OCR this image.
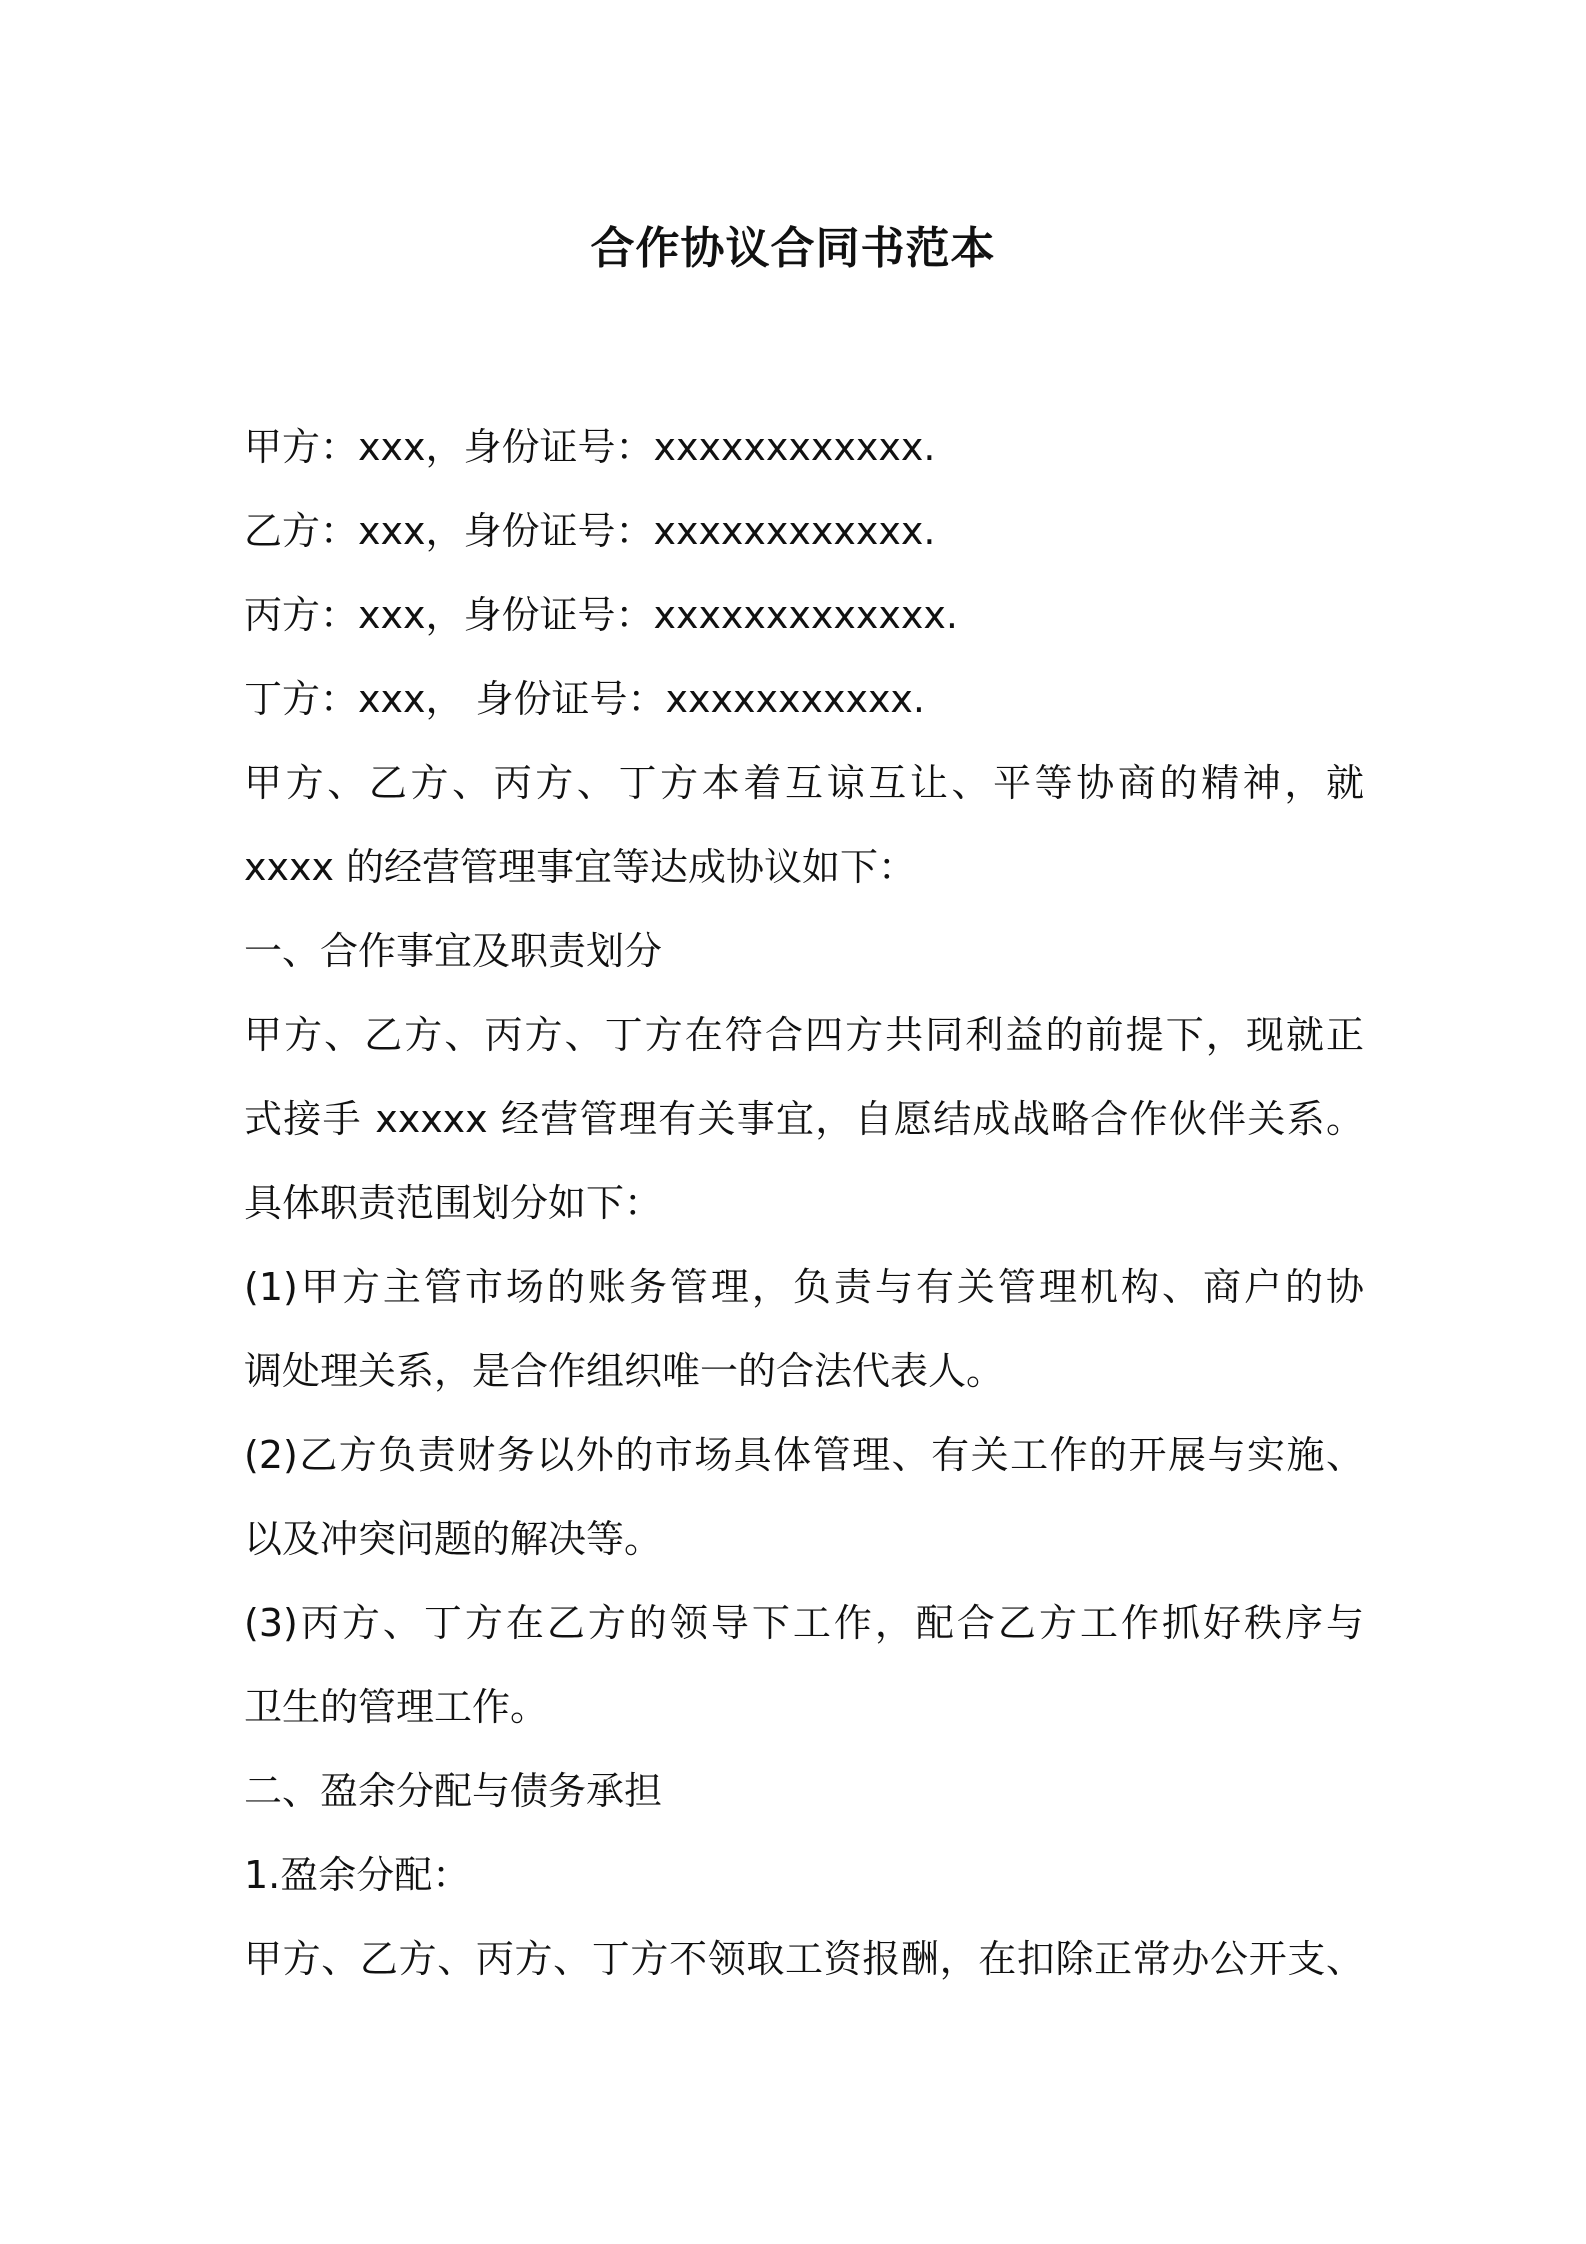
合作协议合同书范本

甲方：xxx，身份证号：xxxxxxxxxxxx.

乙方：xxx，身份证号：xxxxxxxxxxxx.

丙方：xxx，身份证号：xxxxxxxxxxxxx.

丁方：xxx， 身份证号：xxxxxxxxxxx.

甲方、乙方、丙方、丁方本着互谅互让、平等协商的精神，就

xxxx 的经营管理事宜等达成协议如下：

一、合作事宜及职责划分

甲方、乙方、丙方、丁方在符合四方共同利益的前提下，现就正

式接手 xxxxx 经营管理有关事宜，自愿结成战略合作伙伴关系。

具体职责范围划分如下：

(1)甲方主管市场的账务管理，负责与有关管理机构、商户的协

调处理关系，是合作组织唯一的合法代表人。

(2)乙方负责财务以外的市场具体管理、有关工作的开展与实施、

以及冲突问题的解决等。

(3)丙方、丁方在乙方的领导下工作，配合乙方工作抓好秩序与

卫生的管理工作。

二、盈余分配与债务承担

1.盈余分配：

甲方、乙方、丙方、丁方不领取工资报酬，在扣除正常办公开支、
